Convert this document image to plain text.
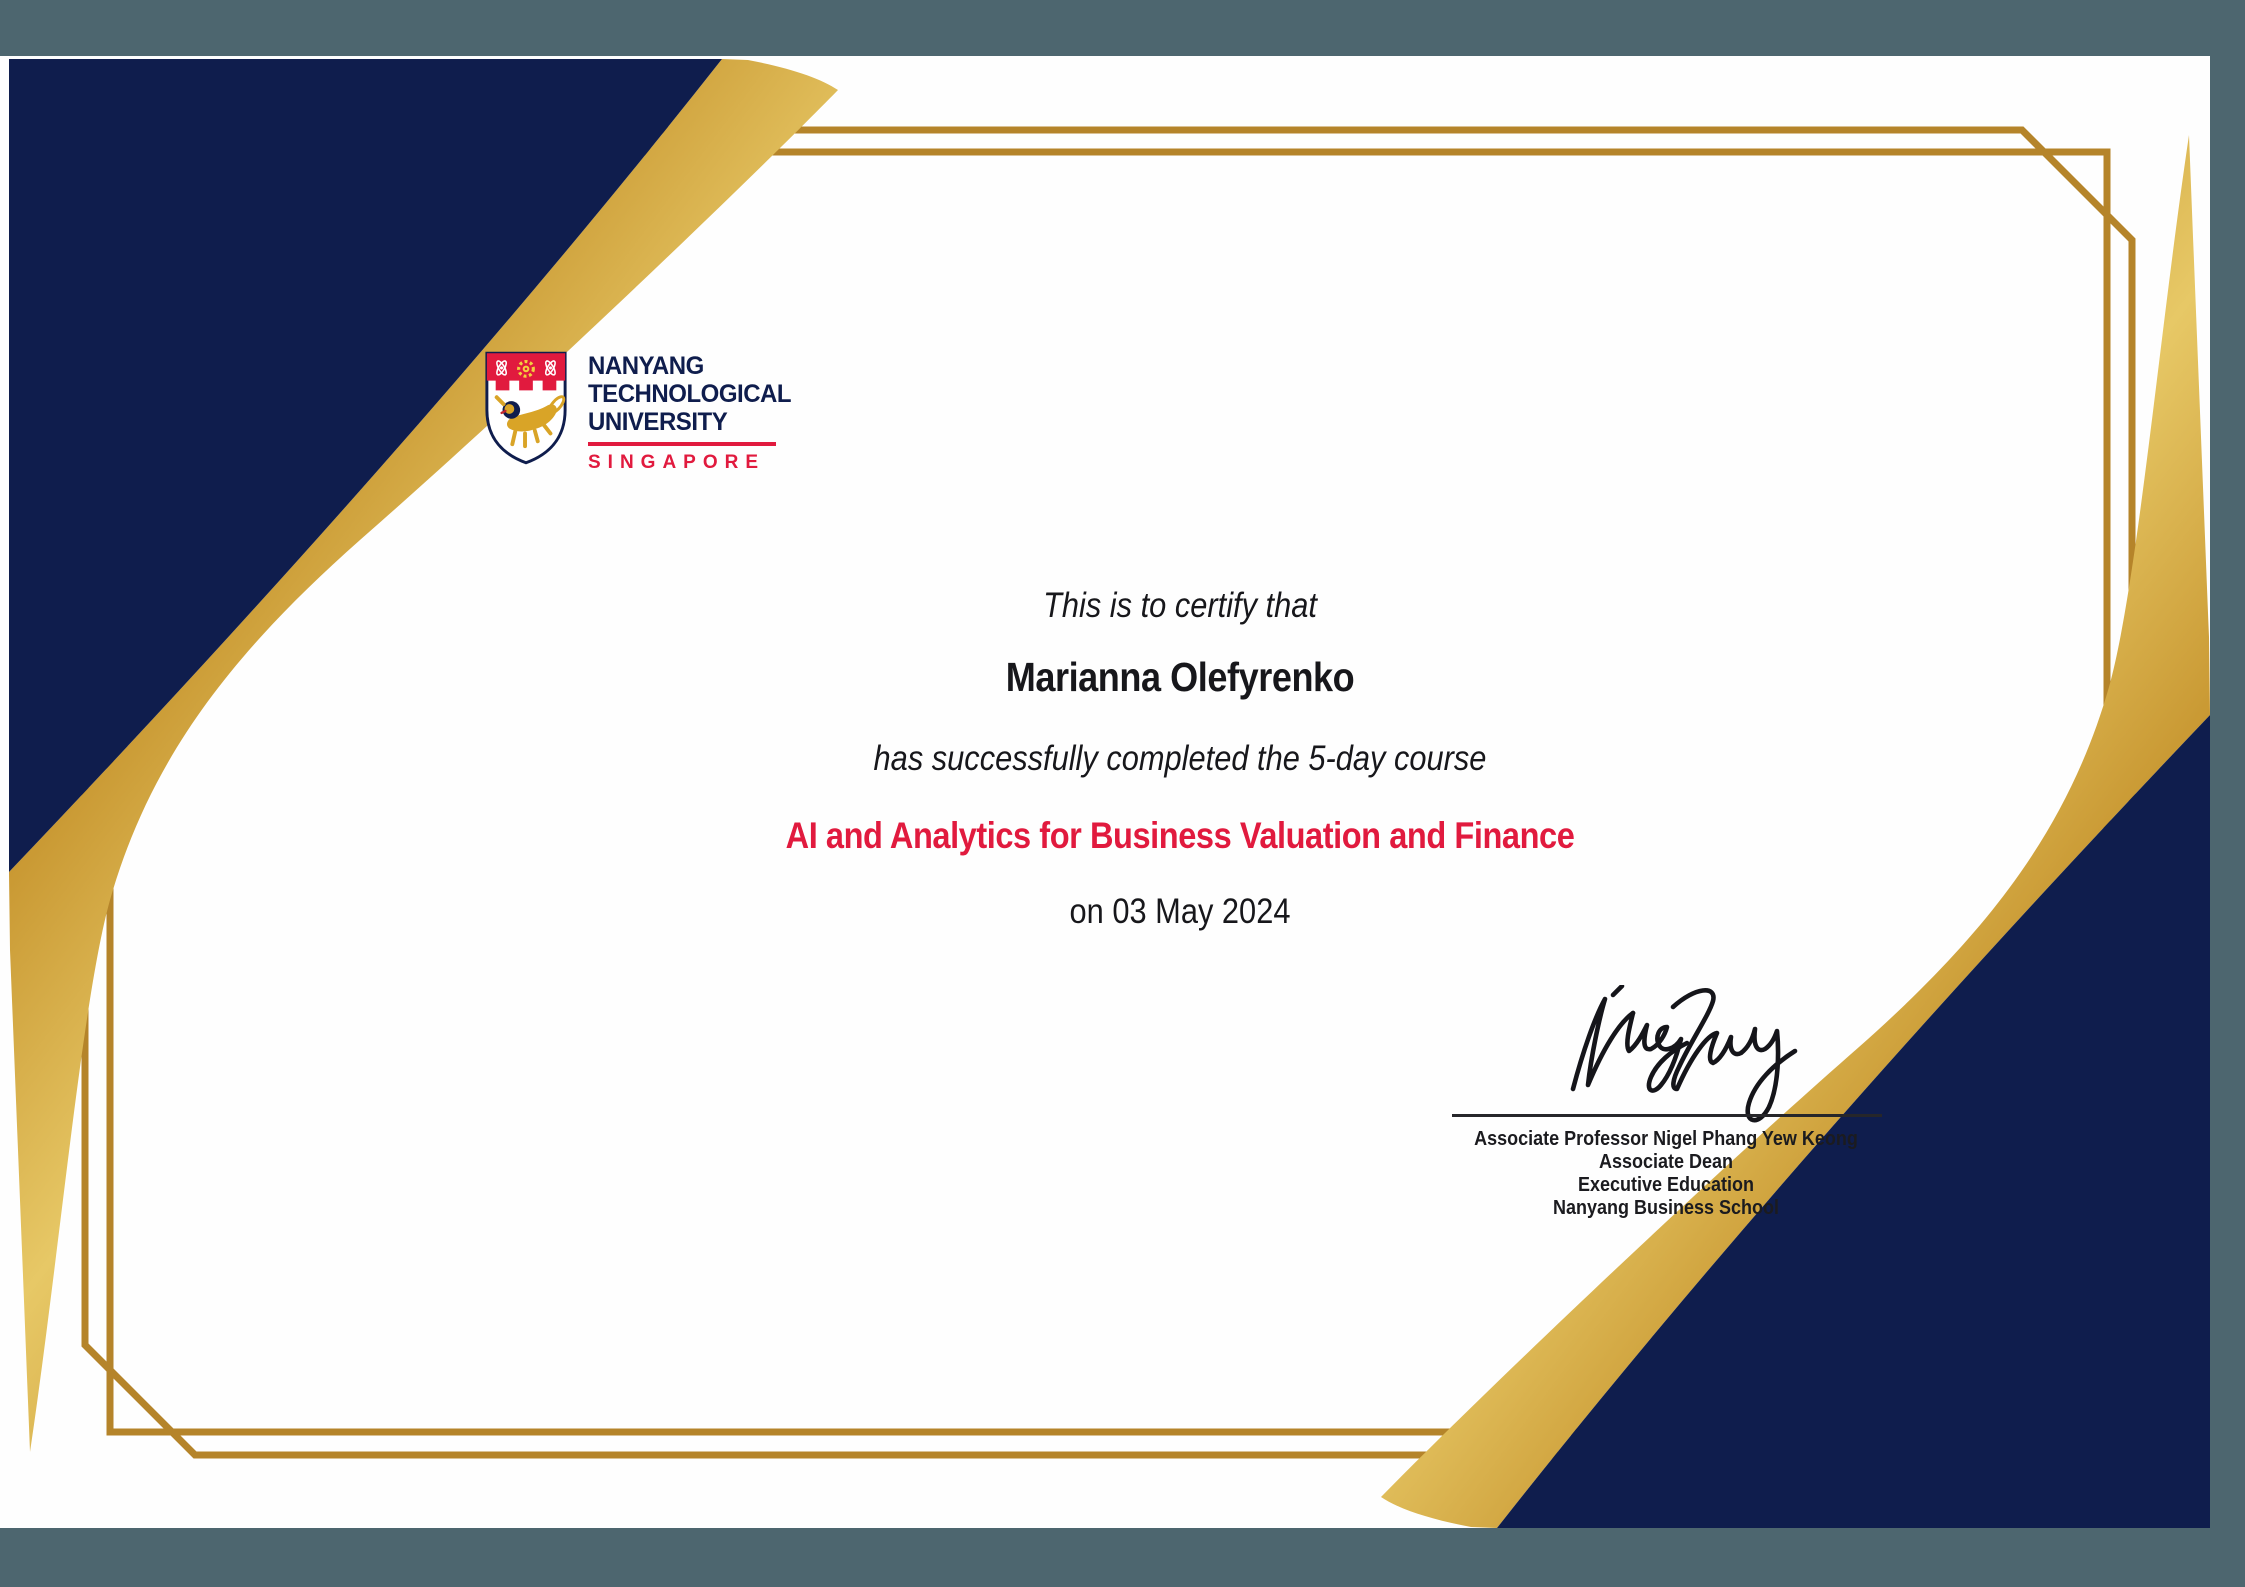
NANYANG
TECHNOLOGICAL
UNIVERSITY
SINGAPORE
This is to certify that
Marianna Olefyrenko
has successfully completed the 5-day course
AI and Analytics for Business Valuation and Finance
on 03 May 2024
Associate Professor Nigel Phang Yew Keong
Associate Dean
Executive Education
Nanyang Business School
